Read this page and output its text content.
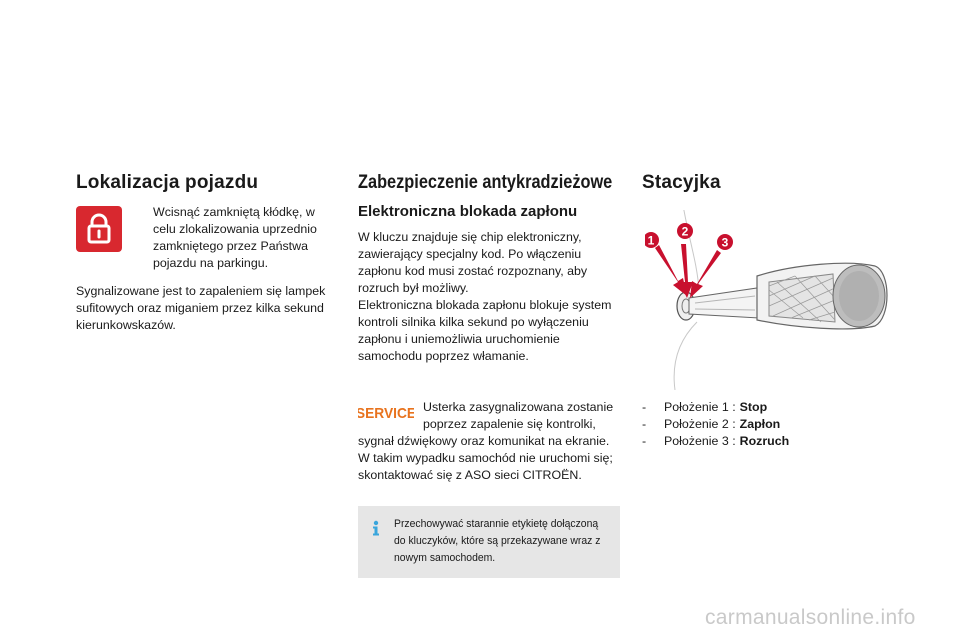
Lokalizacja pojazdu

Wcisnąć zamkniętą kłódkę, w celu zlokalizowania uprzednio zamkniętego przez Państwa pojazdu na parkingu.

Sygnalizowane jest to zapaleniem się lampek sufitowych oraz miganiem przez kilka sekund kierunkowskazów.

Zabezpieczenie antykradzieżowe
Elektroniczna blokada zapłonu

W kluczu znajduje się chip elektroniczny, zawierający specjalny kod. Po włączeniu zapłonu kod musi zostać rozpoznany, aby rozruch był możliwy.

Elektroniczna blokada zapłonu blokuje system kontroli silnika kilka sekund po wyłączeniu zapłonu i uniemożliwia uruchomienie samochodu poprzez włamanie.

SERVICE Usterka zasygnalizowana zostanie poprzez zapalenie się kontrolki,

sygnał dźwiękowy oraz komunikat na ekranie. W takim wypadku samochód nie uruchomi się; skontaktować się z ASO sieci CITROËN.

Przechowywać starannie etykietę dołączoną do kluczyków, które są przekazywane wraz z nowym samochodem.

Stacyjka
1
2
3
-	Położenie 1 : Stop
-	Położenie 2 : Zapłon
-	Położenie 3 : Rozruch
carmanualsonline.info
